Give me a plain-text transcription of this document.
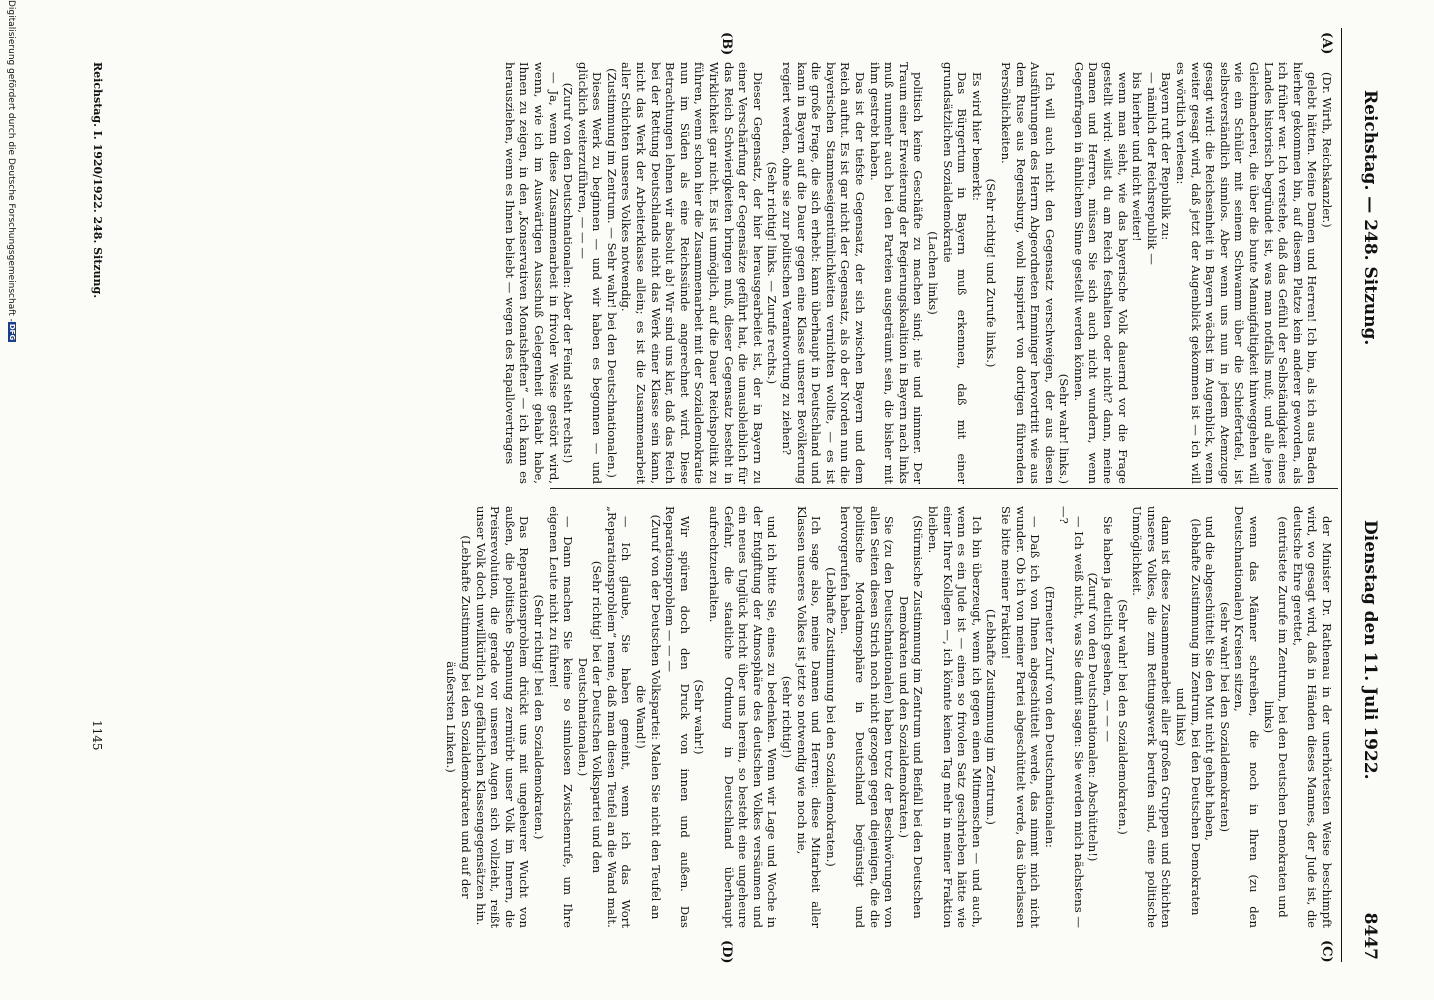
Reichstag. — 248. Sitzung.
Dienstag den 11. Juli 1922.
8447
(A)
(B)
(C)
(D)

(Dr. Wirth, Reichskanzler.)

gelebt hätten. Meine Damen und Herren! Ich bin, als ich aus Baden hierher gekommen bin, auf diesem Platze kein anderer geworden, als ich früher war. Ich verstehe, daß das Gefühl der Selbständigkeit eines Landes historisch begründet ist, was man notfalls muß; und alle jene Gleichmacherei, die über die bunte Mannigfaltigkeit hinweggehen will wie ein Schüler mit seinem Schwamm über die Schiefertafel, ist selbstverständlich sinnlos. Aber wenn uns nun in jedem Atemzuge gesagt wird: die Reichseinheit in Bayern wächst im Augenblick, wenn weiter gesagt wird, daß jetzt der Augenblick gekommen ist — ich will es wörtlich verlesen:

Bayern ruft der Republik zu:

— nämlich der Reichsrepublik —

bis hierher und nicht weiter!

wenn man sieht, wie das bayerische Volk dauernd vor die Frage gestellt wird: willst du am Reich festhalten oder nicht? dann, meine Damen und Herren, müssen Sie sich auch nicht wundern, wenn Gegenfragen in ähnlichem Sinne gestellt werden können.

(Sehr wahr! links.)

Ich will auch nicht den Gegensatz verschweigen, der aus diesen Ausführungen des Herrn Abgeordneten Emminger hervortritt wie aus dem Ruse aus Regensburg, wohl inspiriert von dortigen führenden Persönlichkeiten.

(Sehr richtig! und Zurufe links.)

Es wird hier bemerkt:

Das Bürgertum in Bayern muß erkennen, daß mit einer grundsätzlichen Sozialdemokratie

(Lachen links)

politisch keine Geschäfte zu machen sind; nie und nimmer. Der Traum einer Erweiterung der Regierungskoalition in Bayern nach links muß nunmehr auch bei den Parteien ausgeträumt sein, die bisher mit ihm gestrebt haben.

Das ist der tiefste Gegensatz, der sich zwischen Bayern und dem Reich auftut. Es ist gar nicht der Gegensatz, als ob der Norden nun die bayerischen Stammeseigentümlichkeiten vernichten wollte, — es ist die große Frage, die sich erhebt: kann überhaupt in Deutschland und kann in Bayern auf die Dauer gegen eine Klasse unserer Bevölkerung regiert werden, ohne sie zur politischen Verantwortung zu ziehen?

(Sehr richtig! links. — Zurufe rechts.)

Dieser Gegensatz, der hier herausgearbeitet ist, der in Bayern zu einer Verschärfung der Gegensätze geführt hat, die unausbleiblich für das Reich Schwierigkeiten bringen muß, dieser Gegensatz besteht in Wirklichkeit gar nicht. Es ist unmöglich, auf die Dauer Reichspolitik zu führen, wenn schon hier die Zusammenarbeit mit der Sozialdemokratie nun im Süden als eine Reichssünde angerechnet wird. Diese Betrachtungen lehnen wir absolut ab! Wir sind uns klar, daß das Reich bei der Rettung Deutschlands nicht das Werk einer Klasse sein kann, nicht das Werk der Arbeiterklasse allein; es ist die Zusammenarbeit aller Schichten unseres Volkes notwendig.

(Zustimmung im Zentrum. — Sehr wahr! bei den Deutschnationalen.)

Dieses Werk zu beginnen — und wir haben es begonnen — und glücklich weiterzuführen, — — —

(Zuruf von den Deutschnationalen: Aber der Feind steht rechts!)

— Ja, wenn diese Zusammenarbeit in frivoler Weise gestört wird, wenn, wie ich im Auswärtigen Ausschuß Gelegenheit gehabt habe, Ihnen zu zeigen, in den „Konservativen Monatsheften“ — ich kann es herausziehen, wenn es Ihnen beliebt — wegen des Rapallovertrages

der Minister Dr. Rathenau in der unerhörtesten Weise beschimpft wird, wo gesagt wird, daß in Händen dieses Mannes, der Jude ist, die deutsche Ehre gerettet,

(entrüstete Zurufe im Zentrum, bei den Deutschen Demokraten und links)

wenn das Männer schreiben, die noch in Ihren (zu den Deutschnationalen) Kreisen sitzen,

(sehr wahr! bei den Sozialdemokraten)

und die abgeschüttelt Sie den Mut nicht gehabt haben,

(lebhafte Zustimmung im Zentrum, bei den Deutschen Demokraten und links)

dann ist diese Zusammenarbeit aller großen Gruppen und Schichten unseres Volkes, die zum Rettungswerk berufen sind, eine politische Unmöglichkeit.

(Sehr wahr! bei den Sozialdemokraten.)

Sie haben ja deutlich gesehen, — — —

(Zuruf von den Deutschnationalen: Abschütteln!)

— Ich weiß nicht, was Sie damit sagen: Sie werden mich nächstens — —?

(Erneuter Zuruf von den Deutschnationalen:

— Daß ich von Ihnen abgeschüttelt werde, das nimmt mich nicht wunder. Ob ich von meiner Partei abgeschüttelt werde, das überlassen Sie bitte meiner Fraktion!

(Lebhafte Zustimmung im Zentrum.)

Ich bin überzeugt, wenn ich gegen einen Mitmenschen — und auch, wenn es ein Jude ist — einen so frivolen Satz geschrieben hätte wie einer Ihrer Kollegen —, ich könnte keinen Tag mehr in meiner Fraktion bleiben.

(Stürmische Zustimmung im Zentrum und Beifall bei den Deutschen Demokraten und den Sozialdemokraten.)

Sie (zu den Deutschnationalen) haben trotz der Beschwörungen von allen Seiten diesen Strich noch nicht gezogen gegen diejenigen, die die politische Mordatmosphäre in Deutschland begünstigt und hervorgerufen haben.

(Lebhafte Zustimmung bei den Sozialdemokraten.)

Ich sage also, meine Damen und Herren: diese Mitarbeit aller Klassen unseres Volkes ist jetzt so notwendig wie noch nie,

(sehr richtig!)

und ich bitte Sie, eines zu bedenken. Wenn wir Lage und Woche in der Entgiftung der Atmosphäre des deutschen Volkes versäumen und ein neues Unglück bricht über uns herein, so besteht eine ungeheure Gefahr, die staatliche Ordnung in Deutschland überhaupt aufrechtzuerhalten.

(Sehr wahr!)

Wir spüren doch den Druck von innen und außen. Das Reparationsproblem — — —

(Zuruf von der Deutschen Volkspartei: Malen Sie nicht den Teufel an die Wand!)

— Ich glaube, Sie haben gemeint, wenn ich das Wort „Reparationsproblem“ nenne, daß man diesen Teufel an die Wand malt.

(Sehr richtig! bei der Deutschen Volkspartei und den Deutschnationalen.)

— Dann machen Sie keine so sinnlosen Zwischenrufe, um Ihre eigenen Leute nicht zu führen!

(Sehr richtig! bei den Sozialdemokraten.)

Das Reparationsproblem drückt uns mit ungeheurer Wucht von außen, die politische Spannung zermürbt unser Volk im Innern, die Preisrevolution, die gerade vor unseren Augen sich vollzieht, reißt unser Volk doch unwillkürlich zu gefährlichen Klassengegensätzen hin.

(Lebhafte Zustimmung bei den Sozialdemokraten und auf der äußersten Linken.)

Reichstag. I. 1920/1922. 248. Sitzung.
1145
Digitalisierung gefördert durch die Deutsche Forschungsgemeinschaft -
DFG
